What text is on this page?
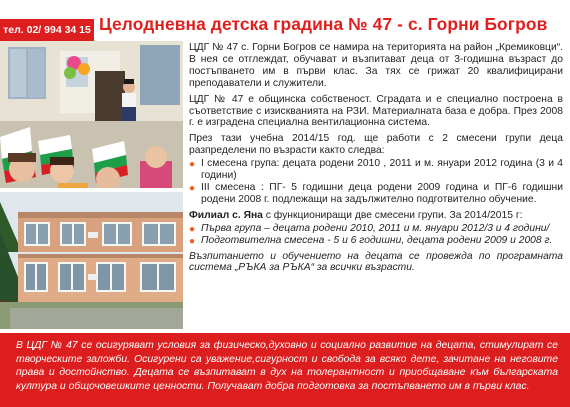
тел. 02/ 994 34 15 Целодневна детска градина № 47 - с. Горни Богров

ЦДГ № 47 с. Горни Богров се намира на територията на район „Кремиковци“. В нея се отглеждат, обучават и възпитават деца от 3-годишна възраст до постъпването им в първи клас. За тях се грижат 20 квалифицирани преподаватели и служители.

ЦДГ № 47 е общинска собственост. Сградата и е специално построена в съответствие с изискванията на РЗИ. Материалната база е добра. През 2008 г. е изградена специална вентилационна система.

През тази учебна 2014/15 год. ще работи с 2 смесени групи деца разпределени по възрасти както следва:

● I смесена група: децата родени 2010 , 2011 и м. януари 2012 година (3 и 4 години)
● III смесена : ПГ- 5 годишни деца родени 2009 година и ПГ-6 годишни родени 2008 г. подлежащи на задължително подготвително обучение.

Филиал с. Яна с функциониращи две смесени групи. За 2014/2015 г:

● Първа група – децата родени 2010, 2011 и м. януари 2012/3 и 4 години/
● Подготвителна смесена - 5 и 6 годишни, децата родени 2009 и 2008 г.

Възпитанието и обучението на децата се провежда по програмната система „РЪКА за РЪКА“ за всички възрасти.

В ЦДГ № 47 се осигуряват условия за физическо,духовно и социално развитие на децата, стимулират се творческите заложби. Осигурени са уважение,сигурност и свобода за всяко дете, зачитане на неговите права и достойнство. Децата се възпитават в дух на толерантност и приобщаване към българската култура и общочовешките ценности. Получават добра подготовка за постъпването им в първи клас.
